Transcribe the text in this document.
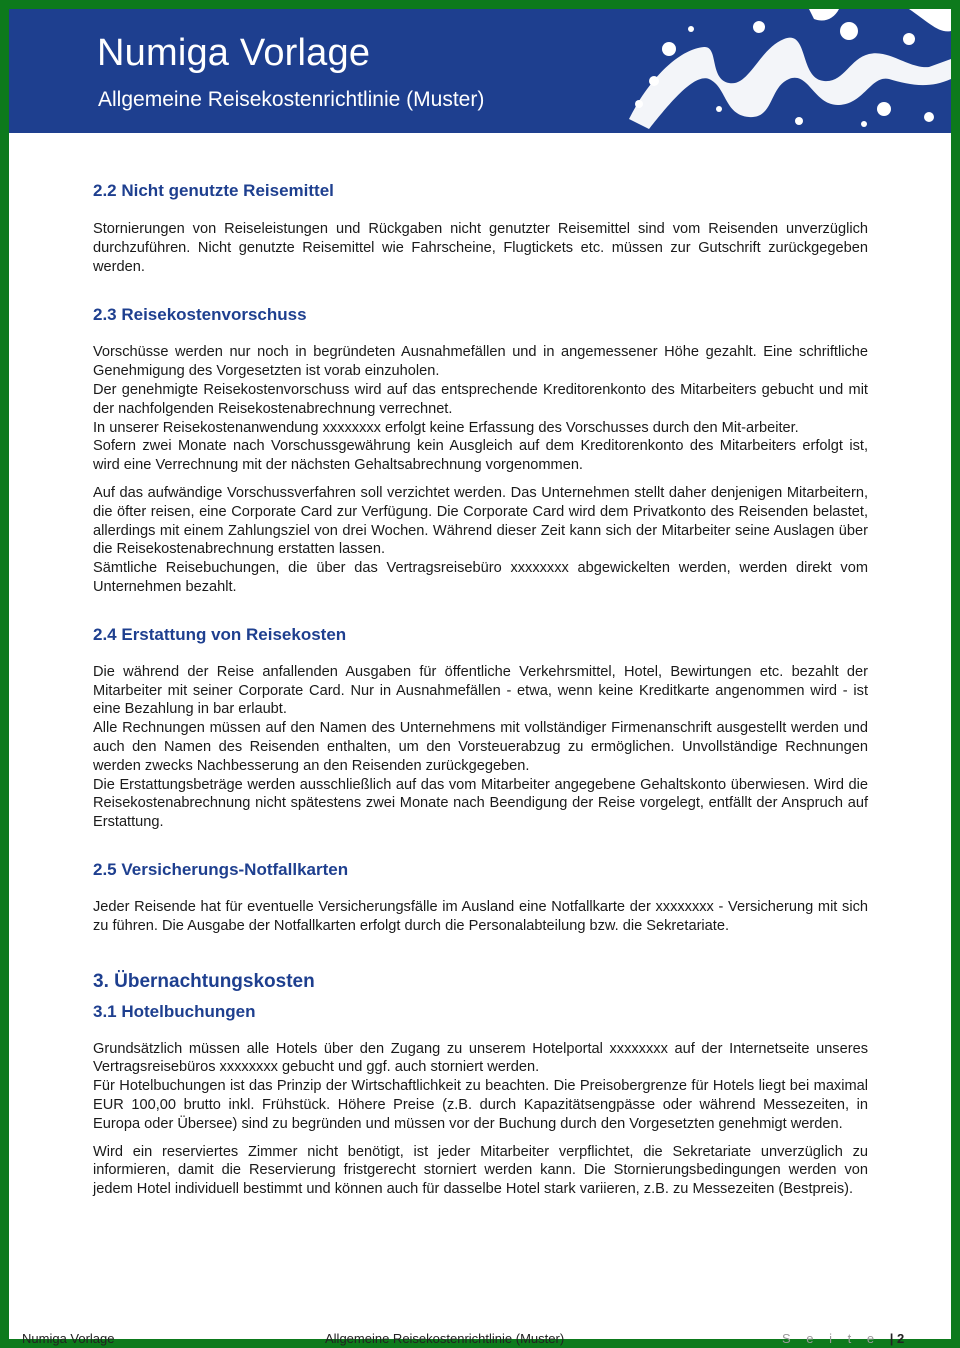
Numiga Vorlage
Allgemeine Reisekostenrichtlinie (Muster)
2.2 Nicht genutzte Reisemittel

Stornierungen von Reiseleistungen und Rückgaben nicht genutzter Reisemittel sind vom Reisenden unverzüglich durchzuführen. Nicht genutzte Reisemittel wie Fahrscheine, Flugtickets etc. müssen zur Gutschrift zurückgegeben werden.

2.3 Reisekostenvorschuss

Vorschüsse werden nur noch in begründeten Ausnahmefällen und in angemessener Höhe gezahlt. Eine schriftliche Genehmigung des Vorgesetzten ist vorab einzuholen.

Der genehmigte Reisekostenvorschuss wird auf das entsprechende Kreditorenkonto des Mitarbeiters gebucht und mit der nachfolgenden Reisekostenabrechnung verrechnet.

In unserer Reisekostenanwendung xxxxxxxx erfolgt keine Erfassung des Vorschusses durch den Mit-arbeiter.

Sofern zwei Monate nach Vorschussgewährung kein Ausgleich auf dem Kreditorenkonto des Mitarbeiters erfolgt ist, wird eine Verrechnung mit der nächsten Gehaltsabrechnung vorgenommen.

Auf das aufwändige Vorschussverfahren soll verzichtet werden. Das Unternehmen stellt daher denjenigen Mitarbeitern, die öfter reisen, eine Corporate Card zur Verfügung. Die Corporate Card wird dem Privatkonto des Reisenden belastet, allerdings mit einem Zahlungsziel von drei Wochen. Während dieser Zeit kann sich der Mitarbeiter seine Auslagen über die Reisekostenabrechnung erstatten lassen.

Sämtliche Reisebuchungen, die über das Vertragsreisebüro xxxxxxxx abgewickelten werden, werden direkt vom Unternehmen bezahlt.

2.4 Erstattung von Reisekosten

Die während der Reise anfallenden Ausgaben für öffentliche Verkehrsmittel, Hotel, Bewirtungen etc. bezahlt der Mitarbeiter mit seiner Corporate Card. Nur in Ausnahmefällen - etwa, wenn keine Kreditkarte angenommen wird - ist eine Bezahlung in bar erlaubt.

Alle Rechnungen müssen auf den Namen des Unternehmens mit vollständiger Firmenanschrift ausgestellt werden und auch den Namen des Reisenden enthalten, um den Vorsteuerabzug zu ermöglichen. Unvollständige Rechnungen werden zwecks Nachbesserung an den Reisenden zurückgegeben.

Die Erstattungsbeträge werden ausschließlich auf das vom Mitarbeiter angegebene Gehaltskonto überwiesen. Wird die Reisekostenabrechnung nicht spätestens zwei Monate nach Beendigung der Reise vorgelegt, entfällt der Anspruch auf Erstattung.

2.5 Versicherungs-Notfallkarten

Jeder Reisende hat für eventuelle Versicherungsfälle im Ausland eine Notfallkarte der xxxxxxxx - Versicherung mit sich zu führen. Die Ausgabe der Notfallkarten erfolgt durch die Personalabteilung bzw. die Sekretariate.

3. Übernachtungskosten
3.1 Hotelbuchungen

Grundsätzlich müssen alle Hotels über den Zugang zu unserem Hotelportal xxxxxxxx auf der Internetseite unseres Vertragsreisebüros xxxxxxxx gebucht und ggf. auch storniert werden.

Für Hotelbuchungen ist das Prinzip der Wirtschaftlichkeit zu beachten. Die Preisobergrenze für Hotels liegt bei maximal EUR 100,00 brutto inkl. Frühstück. Höhere Preise (z.B. durch Kapazitätsengpässe oder während Messezeiten, in Europa oder Übersee) sind zu begründen und müssen vor der Buchung durch den Vorgesetzten genehmigt werden.

Wird ein reserviertes Zimmer nicht benötigt, ist jeder Mitarbeiter verpflichtet, die Sekretariate unverzüglich zu informieren, damit die Reservierung fristgerecht storniert werden kann. Die Stornierungsbedingungen werden von jedem Hotel individuell bestimmt und können auch für dasselbe Hotel stark variieren, z.B. zu Messezeiten (Bestpreis).

Numiga Vorlage	Allgemeine Reisekostenrichtlinie (Muster)	S e i t e | 2
